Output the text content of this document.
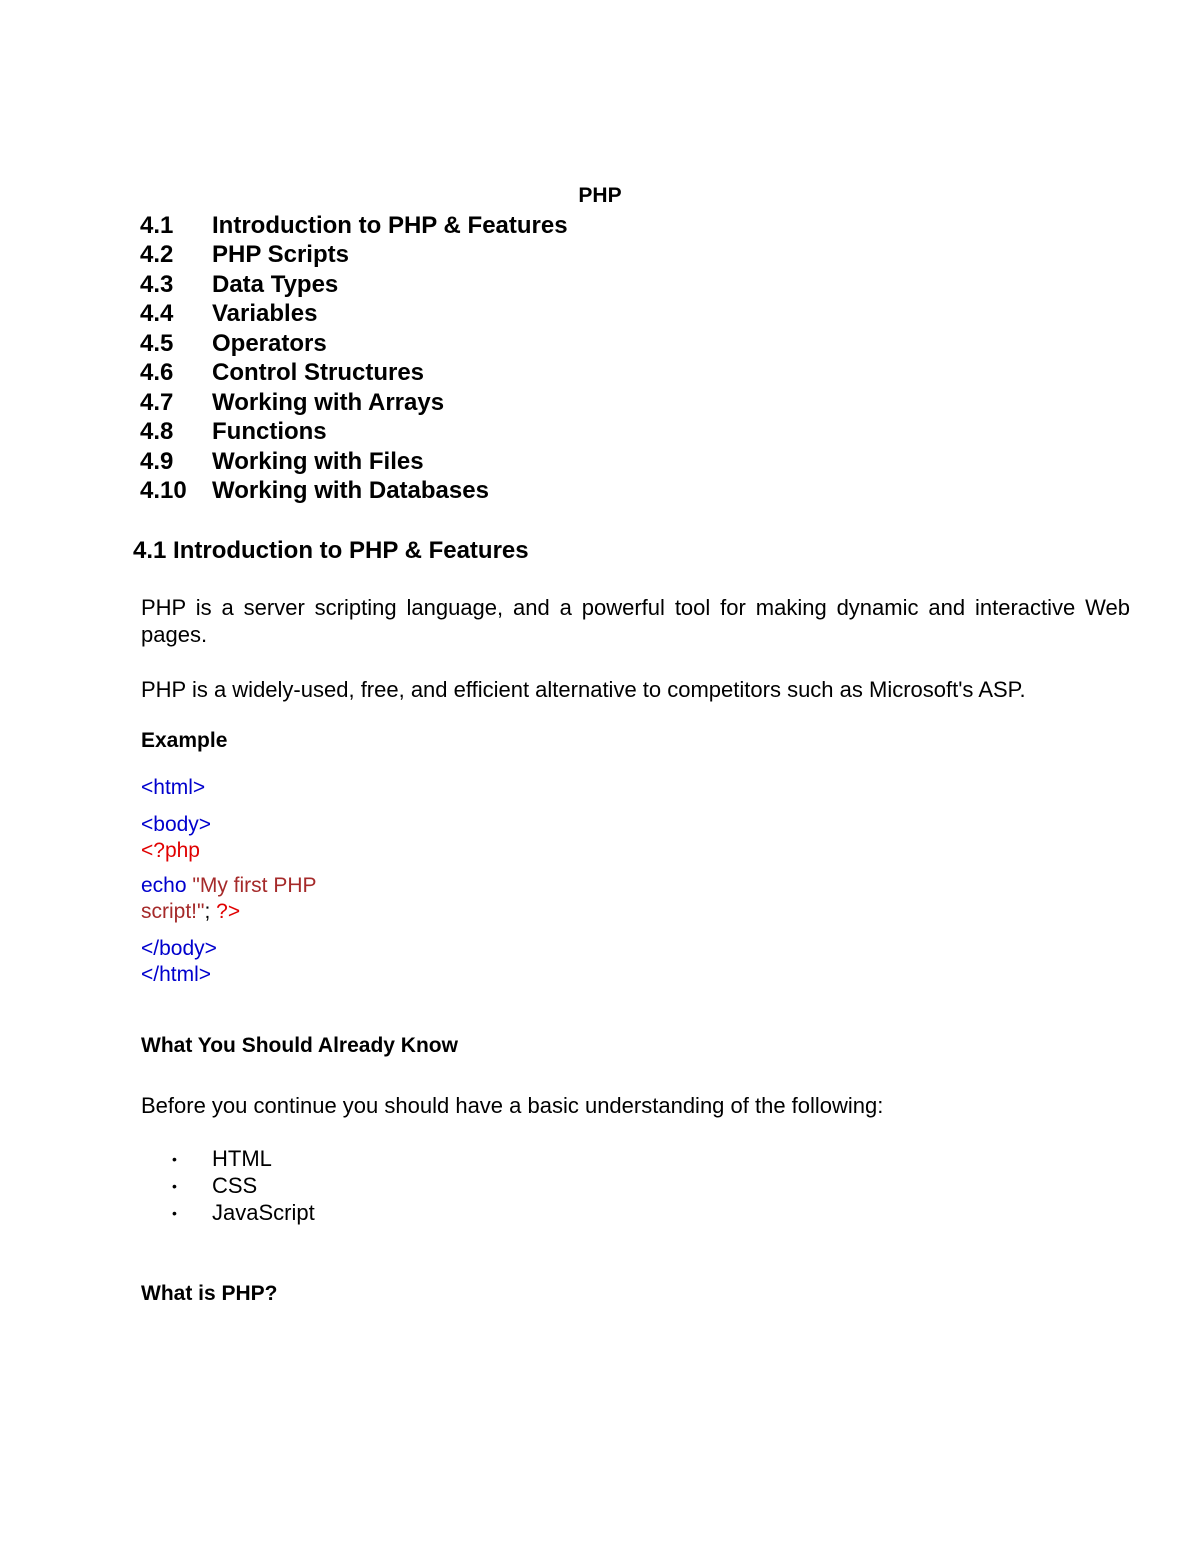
PHP
4.1	Introduction to PHP & Features
4.2	PHP Scripts
4.3	Data Types
4.4	Variables
4.5	Operators
4.6	Control Structures
4.7	Working with Arrays
4.8	Functions
4.9	Working with Files
4.10	Working with Databases
4.1 Introduction to PHP & Features
PHP is a server scripting language, and a powerful tool for making dynamic and interactive Web pages.
PHP is a widely-used, free, and efficient alternative to competitors such as Microsoft's ASP.
Example
<html>
<body>
<?php
echo "My first PHP
script!"; ?>
</body>
</html>
What You Should Already Know
Before you continue you should have a basic understanding of the following:
•	HTML
•	CSS
•	JavaScript
What is PHP?
